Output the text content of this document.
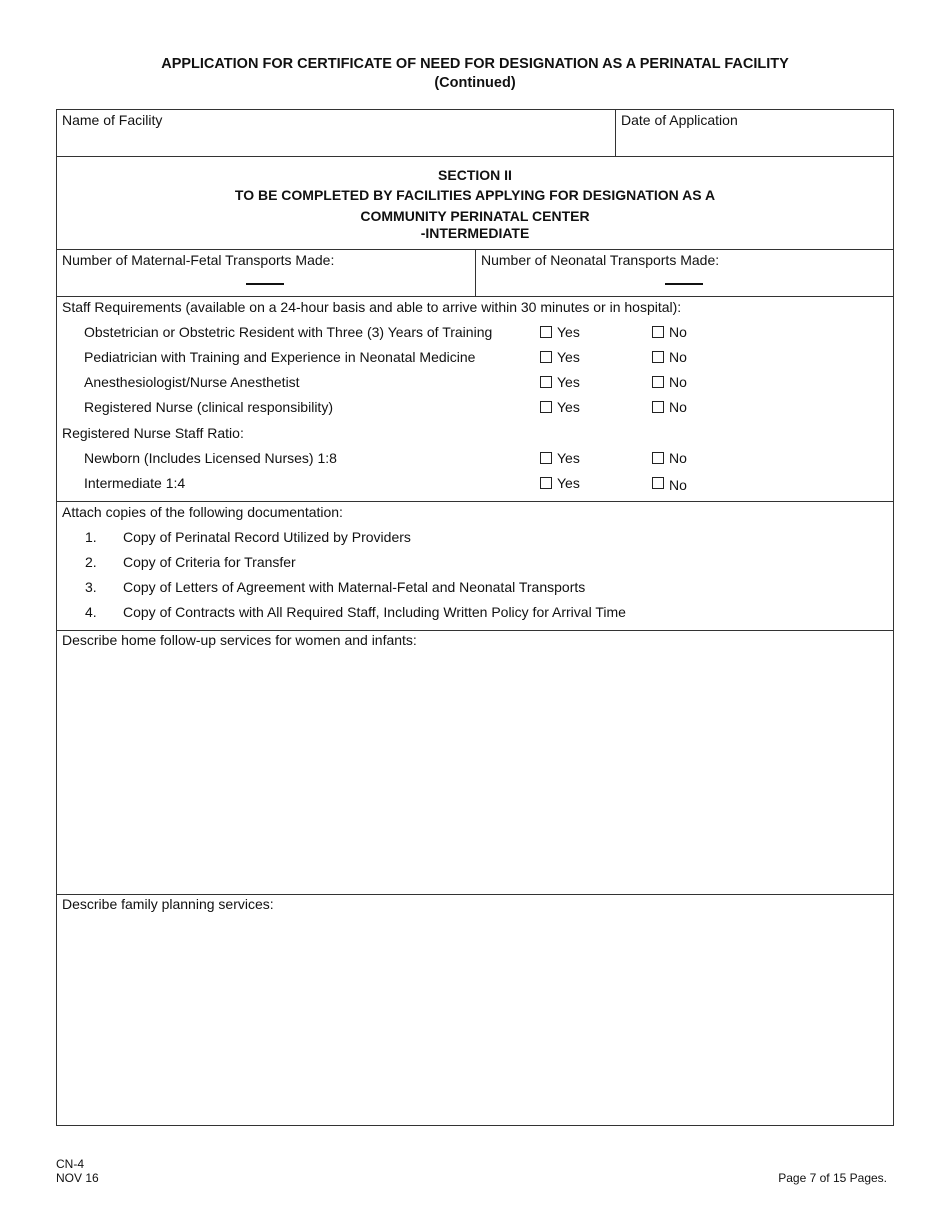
APPLICATION FOR CERTIFICATE OF NEED FOR DESIGNATION AS A PERINATAL FACILITY
(Continued)
Name of Facility	Date of Application
SECTION II
TO BE COMPLETED BY FACILITIES APPLYING FOR DESIGNATION AS A
COMMUNITY PERINATAL CENTER
-INTERMEDIATE
Number of Maternal-Fetal Transports Made:	Number of Neonatal Transports Made:
Staff Requirements (available on a 24-hour basis and able to arrive within 30 minutes or in hospital):
Obstetrician or Obstetric Resident with Three (3) Years of Training	Yes	No
Pediatrician with Training and Experience in Neonatal Medicine	Yes	No
Anesthesiologist/Nurse Anesthetist	Yes	No
Registered Nurse (clinical responsibility)	Yes	No
Registered Nurse Staff Ratio:
Newborn (Includes Licensed Nurses) 1:8	Yes	No
Intermediate 1:4	Yes	No
Attach copies of the following documentation:
1. Copy of Perinatal Record Utilized by Providers
2. Copy of Criteria for Transfer
3. Copy of Letters of Agreement with Maternal-Fetal and Neonatal Transports
4. Copy of Contracts with All Required Staff, Including Written Policy for Arrival Time
Describe home follow-up services for women and infants:
Describe family planning services:
CN-4
NOV 16	Page 7 of 15 Pages.
